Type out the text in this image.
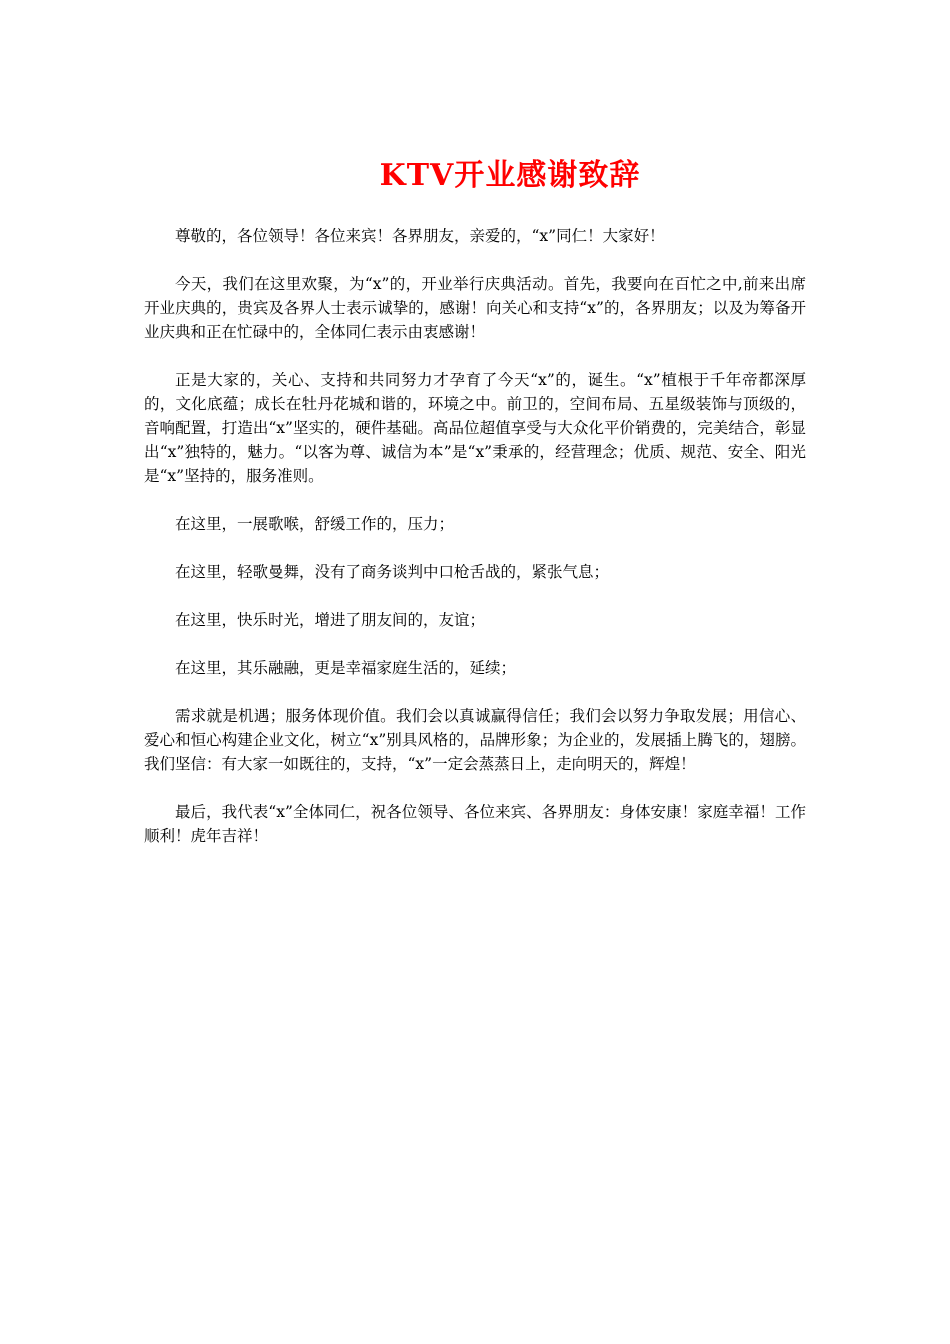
KTV开业感谢致辞

尊敬的，各位领导！各位来宾！各界朋友，亲爱的，“x”同仁！大家好！

今天，我们在这里欢聚，为“x”的，开业举行庆典活动。首先，我要向在百忙之中,前来出席开业庆典的，贵宾及各界人士表示诚挚的，感谢！向关心和支持“x”的，各界朋友；以及为筹备开业庆典和正在忙碌中的，全体同仁表示由衷感谢！

正是大家的，关心、支持和共同努力才孕育了今天“x”的，诞生。“x”植根于千年帝都深厚的，文化底蕴；成长在牡丹花城和谐的，环境之中。前卫的，空间布局、五星级装饰与顶级的，音响配置，打造出“x”坚实的，硬件基础。高品位超值享受与大众化平价销费的，完美结合，彰显出“x”独特的，魅力。“以客为尊、诚信为本”是“x”秉承的，经营理念；优质、规范、安全、阳光是“x”坚持的，服务准则。

在这里，一展歌喉，舒缓工作的，压力；

在这里，轻歌曼舞，没有了商务谈判中口枪舌战的，紧张气息；

在这里，快乐时光，增进了朋友间的，友谊；

在这里，其乐融融，更是幸福家庭生活的，延续；

需求就是机遇；服务体现价值。我们会以真诚赢得信任；我们会以努力争取发展；用信心、爱心和恒心构建企业文化，树立“x”别具风格的，品牌形象；为企业的，发展插上腾飞的，翅膀。我们坚信：有大家一如既往的，支持，“x”一定会蒸蒸日上，走向明天的，辉煌！

最后，我代表“x”全体同仁，祝各位领导、各位来宾、各界朋友：身体安康！家庭幸福！工作顺利！虎年吉祥！
